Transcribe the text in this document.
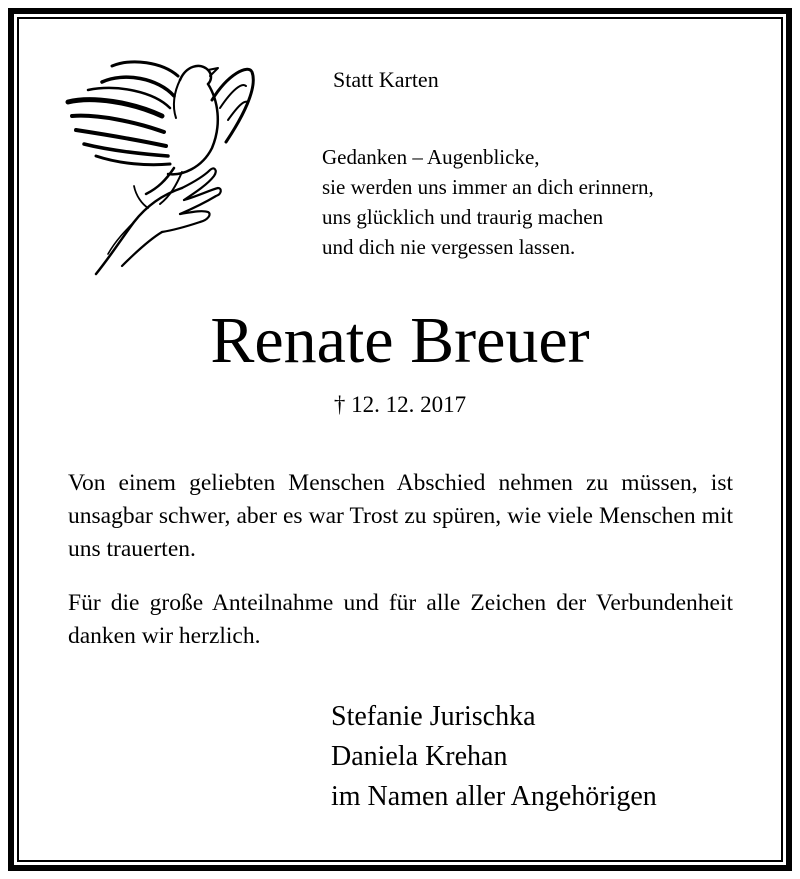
Statt Karten
Gedanken – Augenblicke,
sie werden uns immer an dich erinnern,
uns glücklich und traurig machen
und dich nie vergessen lassen.
Renate Breuer
† 12. 12. 2017
Von einem geliebten Menschen Abschied nehmen zu müssen, ist unsagbar schwer, aber es war Trost zu spüren, wie viele Menschen mit uns trauerten.
Für die große Anteilnahme und für alle Zeichen der Verbundenheit danken wir herzlich.
Stefanie Jurischka
Daniela Krehan
im Namen aller Angehörigen
